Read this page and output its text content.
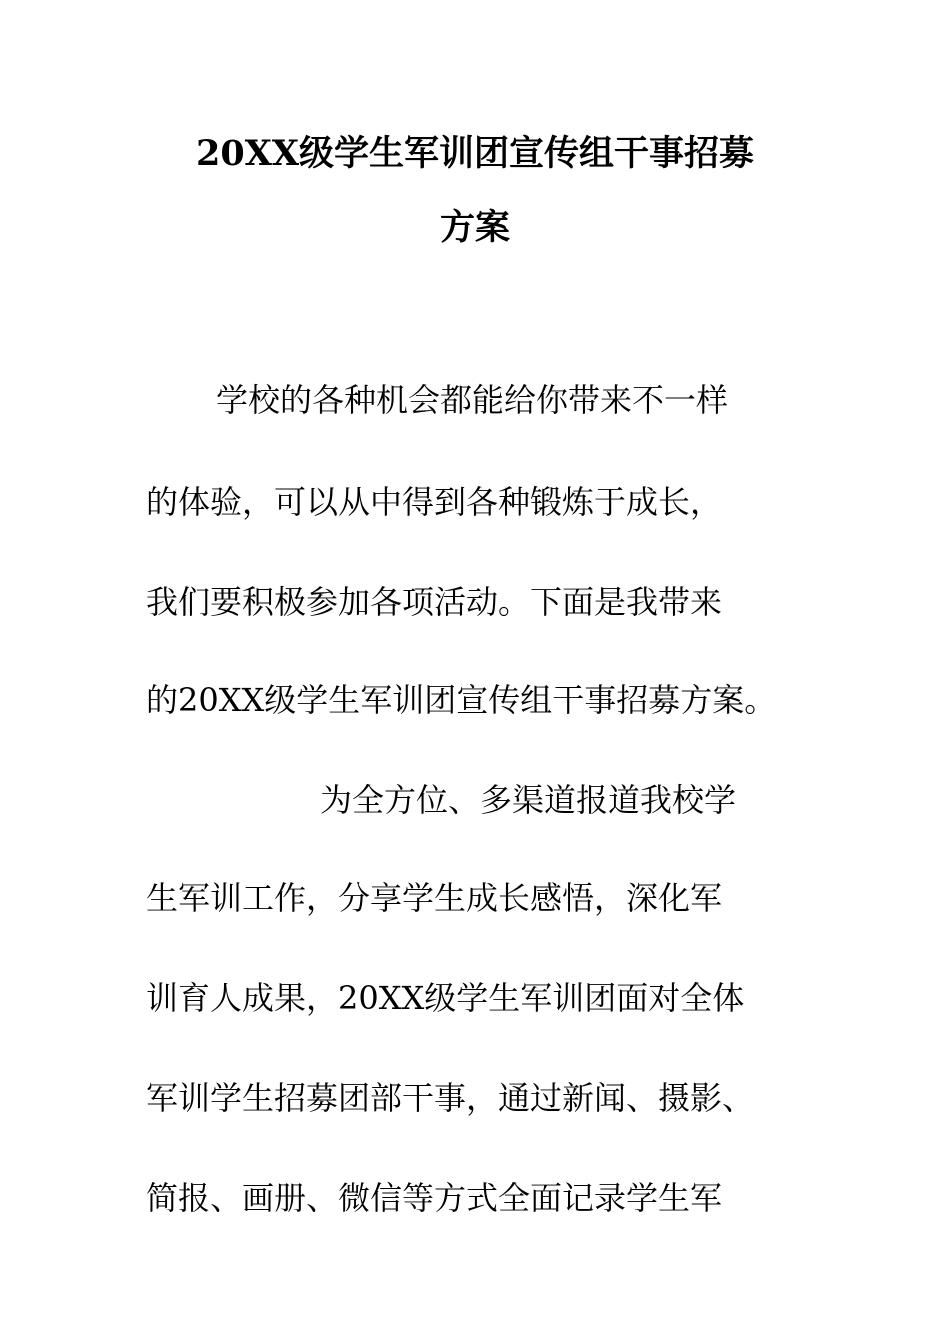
20XX级学生军训团宣传组干事招募
方案
学校的各种机会都能给你带来不一样
的体验，可以从中得到各种锻炼于成长，
我们要积极参加各项活动。下面是我带来
的20XX级学生军训团宣传组干事招募方案。
为全方位、多渠道报道我校学
生军训工作，分享学生成长感悟，深化军
训育人成果，20XX级学生军训团面对全体
军训学生招募团部干事，通过新闻、摄影、
简报、画册、微信等方式全面记录学生军
